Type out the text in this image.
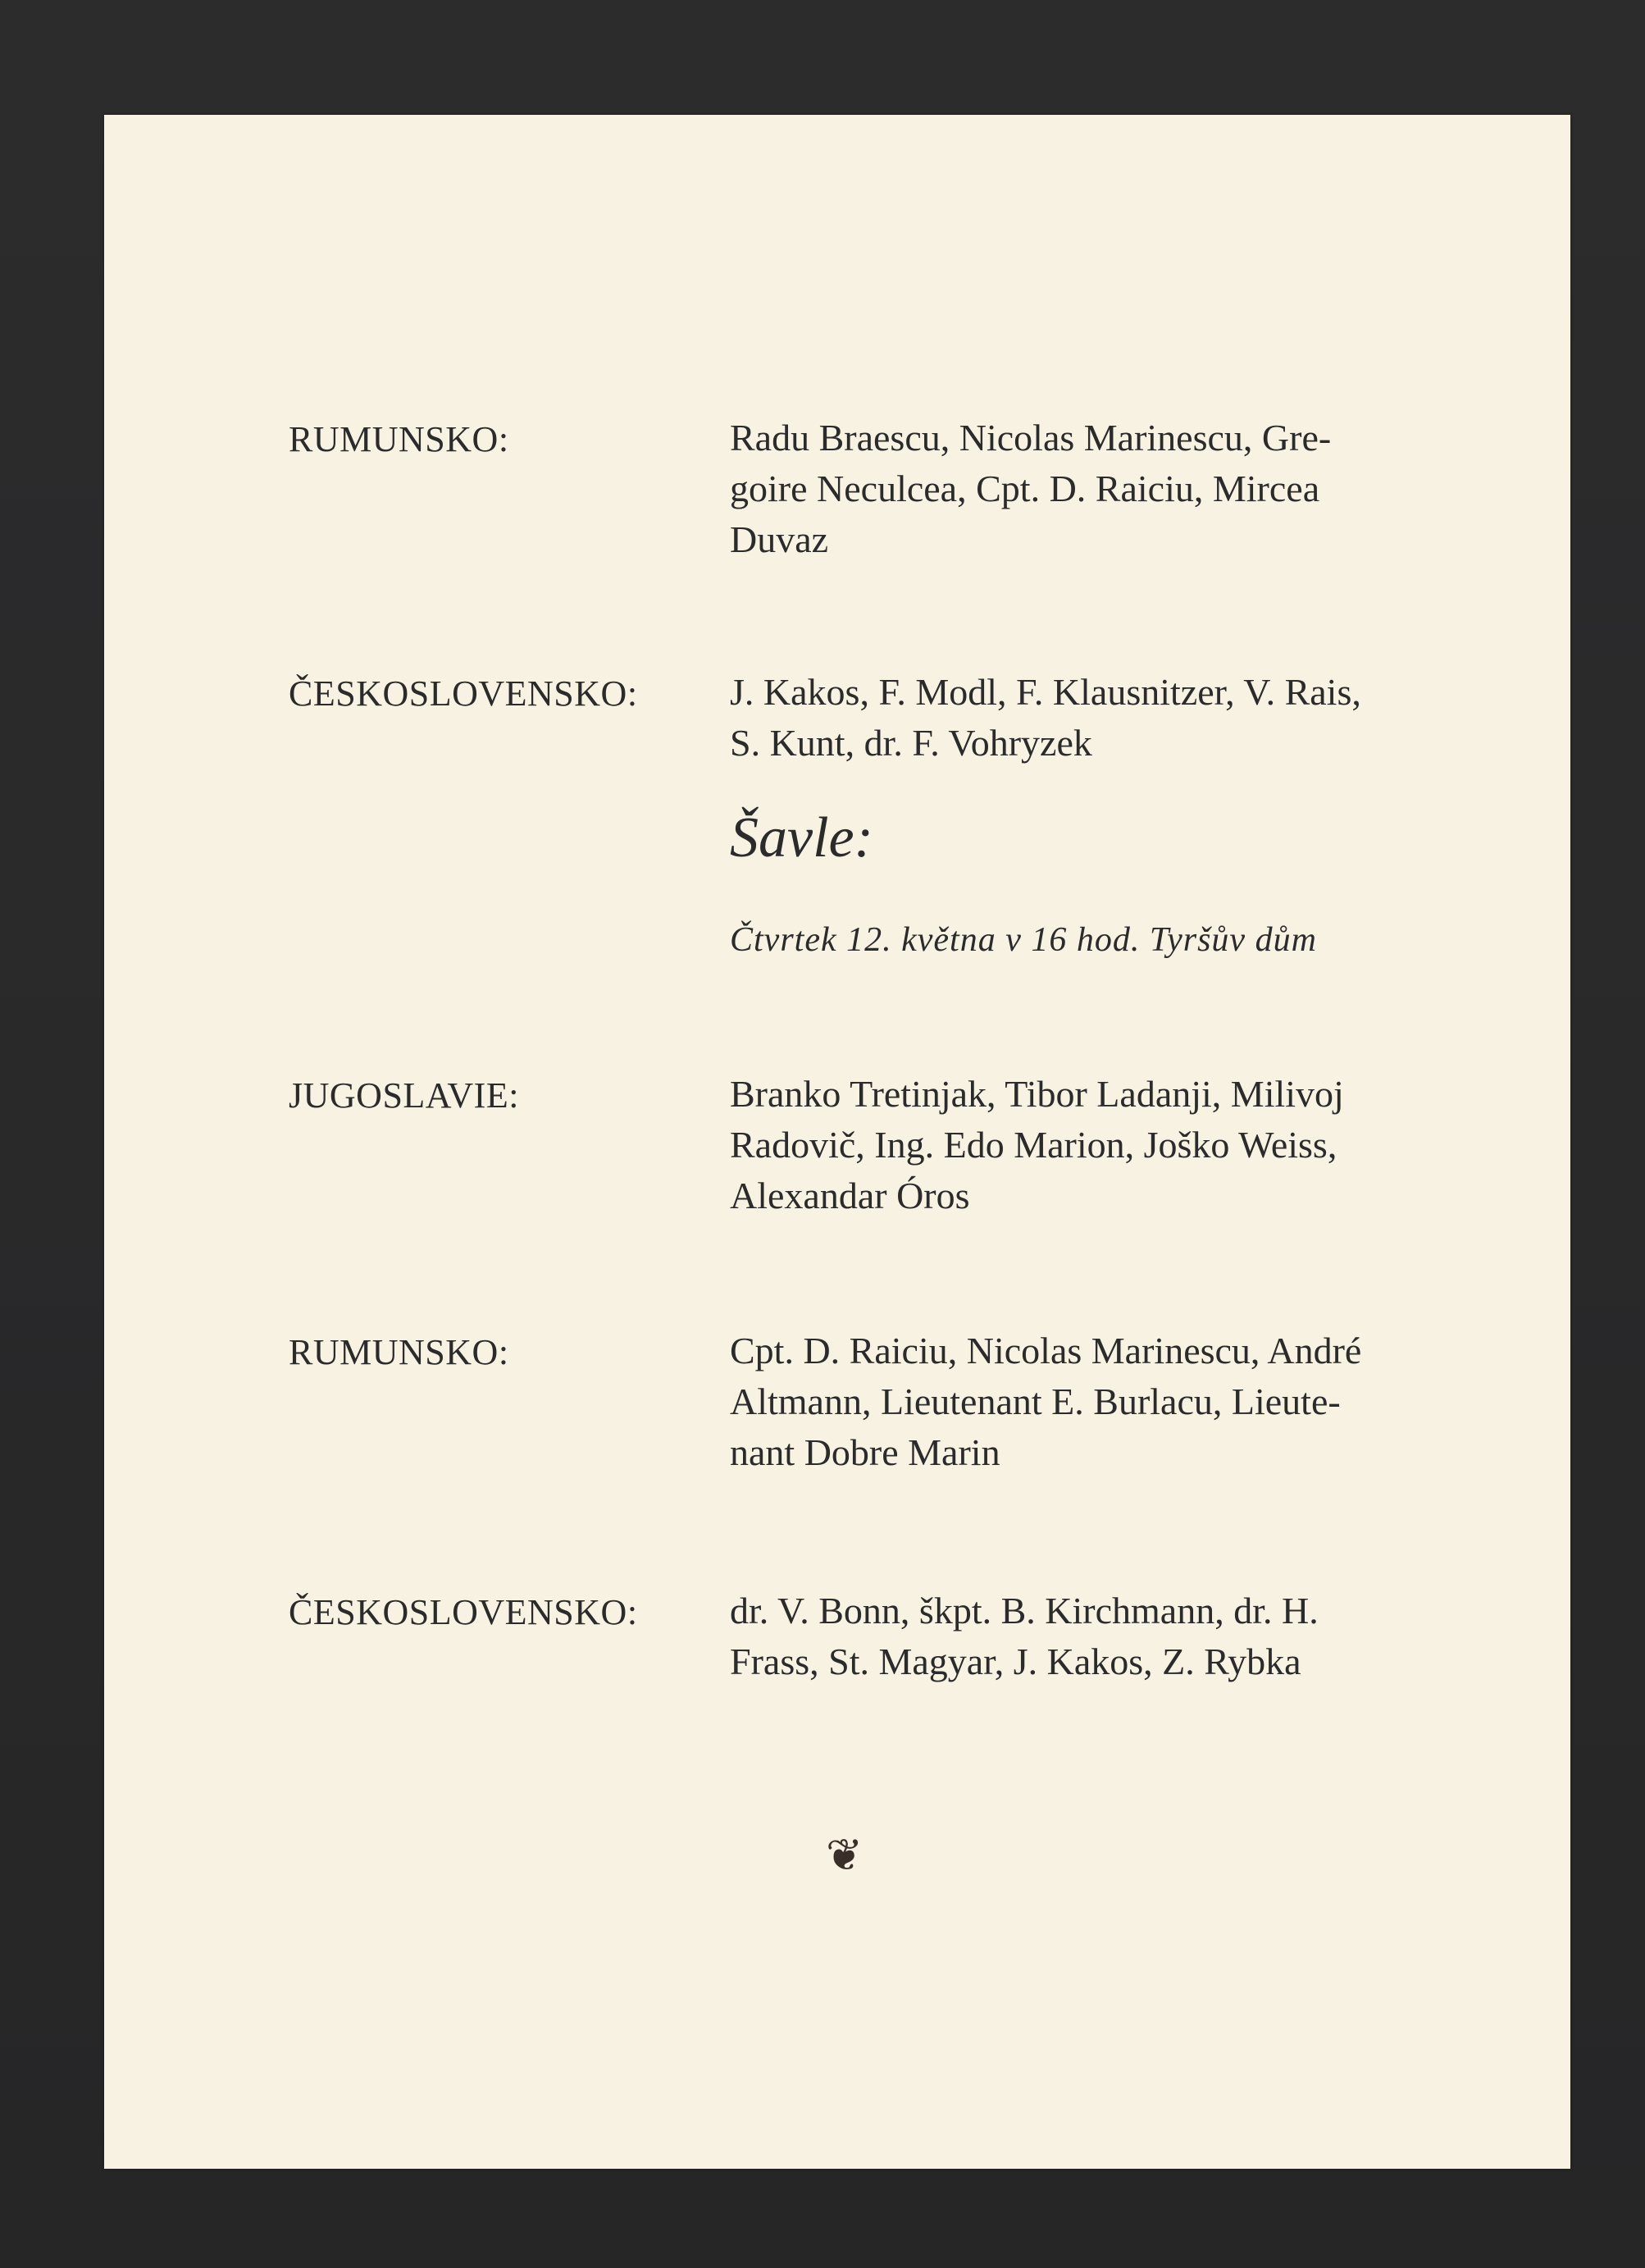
RUMUNSKO:	Radu Braescu, Nicolas Marinescu, Gre-

goire Neculcea, Cpt. D. Raiciu, Mircea

Duvaz

ČESKOSLOVENSKO: J. Kakos, F. Modl, F. Klausnitzer, V. Rais,

S. Kunt, dr. F. Vohryzek

Šavle:

Čtvrtek 12. května v 16 hod. Tyršův dům

JUGOSLAVIE:	Branko Tretinjak, Tibor Ladanji, Milivoj

Radovič, Ing. Edo Marion, Joško Weiss,

Alexandar Óros

RUMUNSKO:	Cpt. D. Raiciu, Nicolas Marinescu, André

Altmann, Lieutenant E. Burlacu, Lieute-

nant Dobre Marin

ČESKOSLOVENSKO: dr. V. Bonn, škpt. B. Kirchmann, dr. H.

Frass, St. Magyar, J. Kakos, Z. Rybka

❦
